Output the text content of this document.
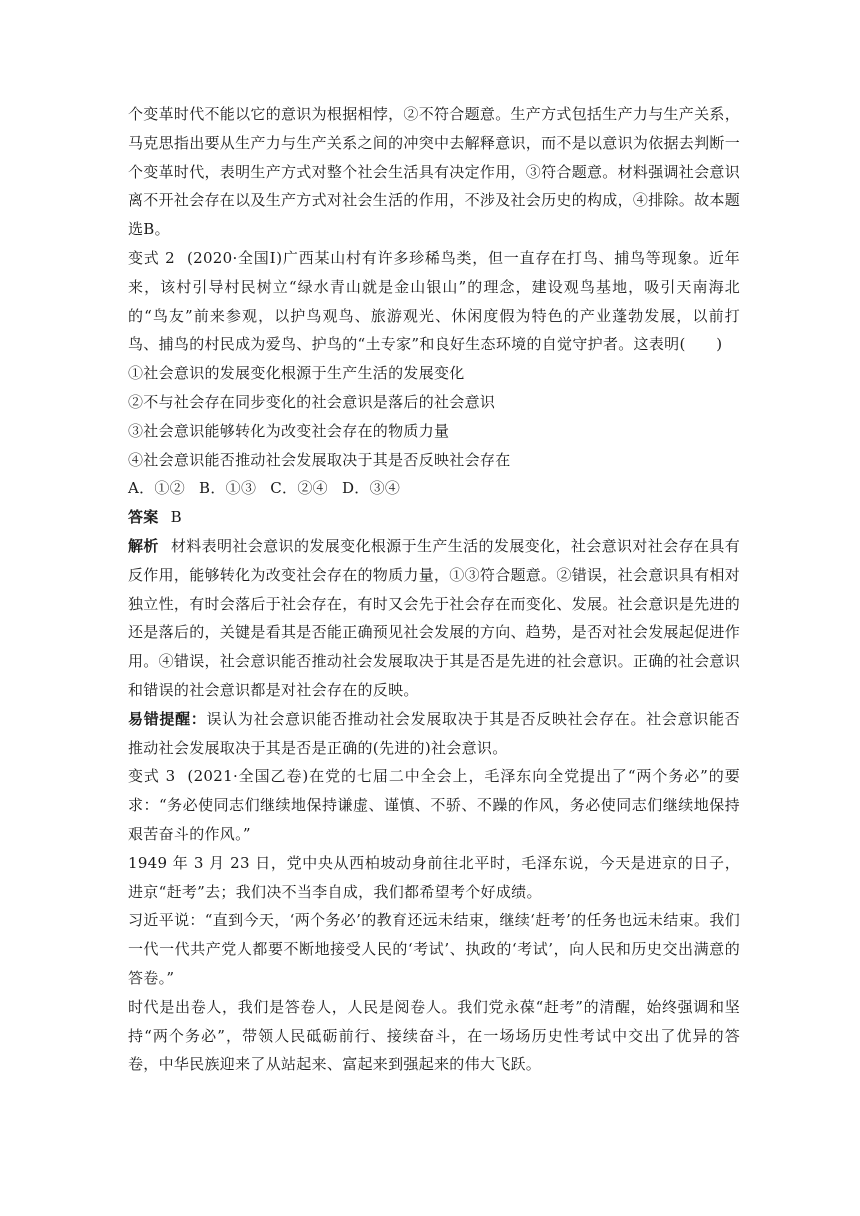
个变革时代不能以它的意识为根据相悖，②不符合题意。生产方式包括生产力与生产关系，马克思指出要从生产力与生产关系之间的冲突中去解释意识，而不是以意识为依据去判断一个变革时代，表明生产方式对整个社会生活具有决定作用，③符合题意。材料强调社会意识离不开社会存在以及生产方式对社会生活的作用，不涉及社会历史的构成，④排除。故本题选B。

变式 2 (2020·全国Ⅰ)广西某山村有许多珍稀鸟类，但一直存在打鸟、捕鸟等现象。近年来，该村引导村民树立“绿水青山就是金山银山”的理念，建设观鸟基地，吸引天南海北的“鸟友”前来参观，以护鸟观鸟、旅游观光、休闲度假为特色的产业蓬勃发展，以前打鸟、捕鸟的村民成为爱鸟、护鸟的“土专家”和良好生态环境的自觉守护者。这表明(　　)

①社会意识的发展变化根源于生产生活的发展变化

②不与社会存在同步变化的社会意识是落后的社会意识

③社会意识能够转化为改变社会存在的物质力量

④社会意识能否推动社会发展取决于其是否反映社会存在

A．①② B．①③ C．②④ D．③④

答案 B

解析 材料表明社会意识的发展变化根源于生产生活的发展变化，社会意识对社会存在具有反作用，能够转化为改变社会存在的物质力量，①③符合题意。②错误，社会意识具有相对独立性，有时会落后于社会存在，有时又会先于社会存在而变化、发展。社会意识是先进的还是落后的，关键是看其是否能正确预见社会发展的方向、趋势，是否对社会发展起促进作用。④错误，社会意识能否推动社会发展取决于其是否是先进的社会意识。正确的社会意识和错误的社会意识都是对社会存在的反映。

易错提醒：误认为社会意识能否推动社会发展取决于其是否反映社会存在。社会意识能否推动社会发展取决于其是否是正确的(先进的)社会意识。

变式 3 (2021·全国乙卷)在党的七届二中全会上，毛泽东向全党提出了“两个务必”的要求：“务必使同志们继续地保持谦虚、谨慎、不骄、不躁的作风，务必使同志们继续地保持艰苦奋斗的作风。”

1949 年 3 月 23 日，党中央从西柏坡动身前往北平时，毛泽东说，今天是进京的日子，进京“赶考”去；我们决不当李自成，我们都希望考个好成绩。

习近平说：“直到今天，‘两个务必’的教育还远未结束，继续‘赶考’的任务也远未结束。我们一代一代共产党人都要不断地接受人民的‘考试’、执政的‘考试’，向人民和历史交出满意的答卷。”

时代是出卷人，我们是答卷人，人民是阅卷人。我们党永葆“赶考”的清醒，始终强调和坚持“两个务必”，带领人民砥砺前行、接续奋斗，在一场场历史性考试中交出了优异的答卷，中华民族迎来了从站起来、富起来到强起来的伟大飞跃。
